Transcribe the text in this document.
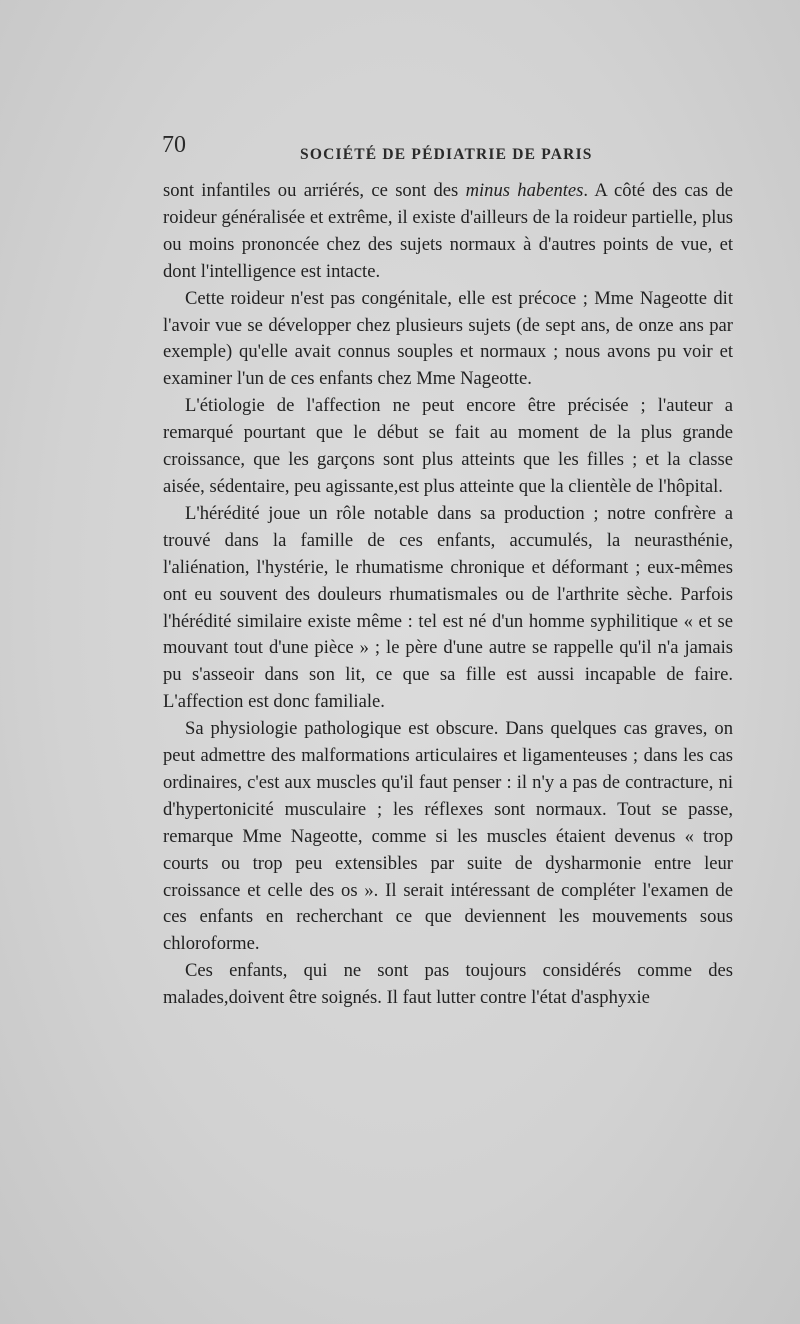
70	SOCIÉTÉ DE PÉDIATRIE DE PARIS

sont infantiles ou arriérés, ce sont des minus habentes. A côté des cas de roideur généralisée et extrême, il existe d'ailleurs de la roideur partielle, plus ou moins prononcée chez des sujets normaux à d'autres points de vue, et dont l'intelligence est intacte.

Cette roideur n'est pas congénitale, elle est précoce ; Mme Nageotte dit l'avoir vue se développer chez plusieurs sujets (de sept ans, de onze ans par exemple) qu'elle avait connus souples et normaux ; nous avons pu voir et examiner l'un de ces enfants chez Mme Nageotte.

L'étiologie de l'affection ne peut encore être précisée ; l'auteur a remarqué pourtant que le début se fait au moment de la plus grande croissance, que les garçons sont plus atteints que les filles ; et la classe aisée, sédentaire, peu agissante,est plus atteinte que la clientèle de l'hôpital.

L'hérédité joue un rôle notable dans sa production ; notre confrère a trouvé dans la famille de ces enfants, accumulés, la neurasthénie, l'aliénation, l'hystérie, le rhumatisme chronique et déformant ; eux-mêmes ont eu souvent des douleurs rhumatismales ou de l'arthrite sèche. Parfois l'hérédité similaire existe même : tel est né d'un homme syphilitique « et se mouvant tout d'une pièce » ; le père d'une autre se rappelle qu'il n'a jamais pu s'asseoir dans son lit, ce que sa fille est aussi incapable de faire. L'affection est donc familiale.

Sa physiologie pathologique est obscure. Dans quelques cas graves, on peut admettre des malformations articulaires et ligamenteuses ; dans les cas ordinaires, c'est aux muscles qu'il faut penser : il n'y a pas de contracture, ni d'hypertonicité musculaire ; les réflexes sont normaux. Tout se passe, remarque Mme Nageotte, comme si les muscles étaient devenus « trop courts ou trop peu extensibles par suite de dysharmonie entre leur croissance et celle des os ». Il serait intéressant de compléter l'examen de ces enfants en recherchant ce que deviennent les mouvements sous chloroforme.

Ces enfants, qui ne sont pas toujours considérés comme des malades,doivent être soignés. Il faut lutter contre l'état d'asphyxie
